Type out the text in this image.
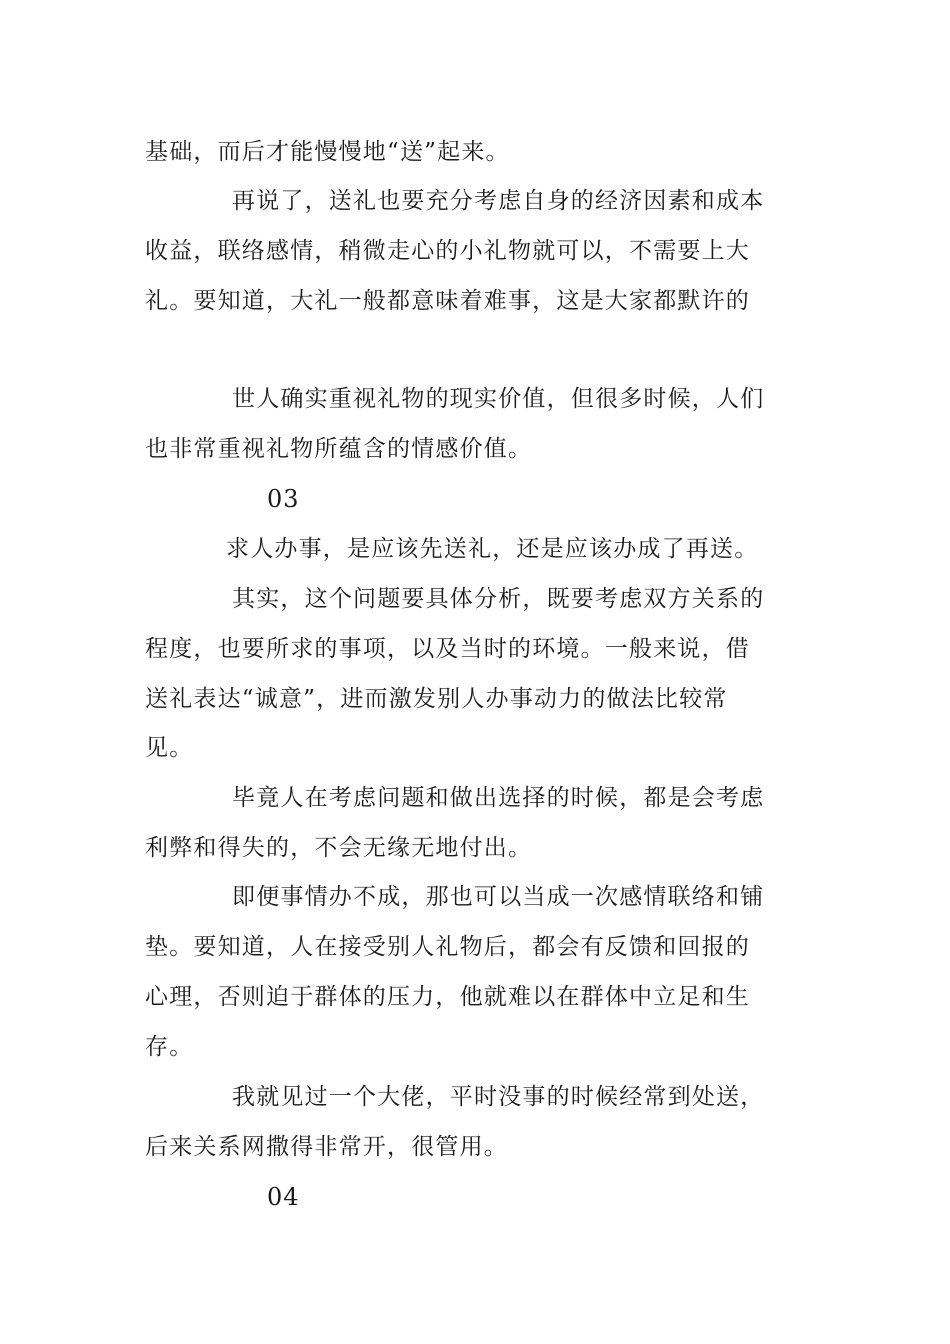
基础，而后才能慢慢地“送”起来。
再说了，送礼也要充分考虑自身的经济因素和成本
收益，联络感情，稍微走心的小礼物就可以，不需要上大
礼。要知道，大礼一般都意味着难事，这是大家都默许的
世人确实重视礼物的现实价值，但很多时候，人们
也非常重视礼物所蕴含的情感价值。
03
求人办事，是应该先送礼，还是应该办成了再送。
其实，这个问题要具体分析，既要考虑双方关系的
程度，也要所求的事项，以及当时的环境。一般来说，借
送礼表达“诚意”，进而激发别人办事动力的做法比较常
见。
毕竟人在考虑问题和做出选择的时候，都是会考虑
利弊和得失的，不会无缘无地付出。
即便事情办不成，那也可以当成一次感情联络和铺
垫。要知道，人在接受别人礼物后，都会有反馈和回报的
心理，否则迫于群体的压力，他就难以在群体中立足和生
存。
我就见过一个大佬，平时没事的时候经常到处送，
后来关系网撒得非常开，很管用。
04
